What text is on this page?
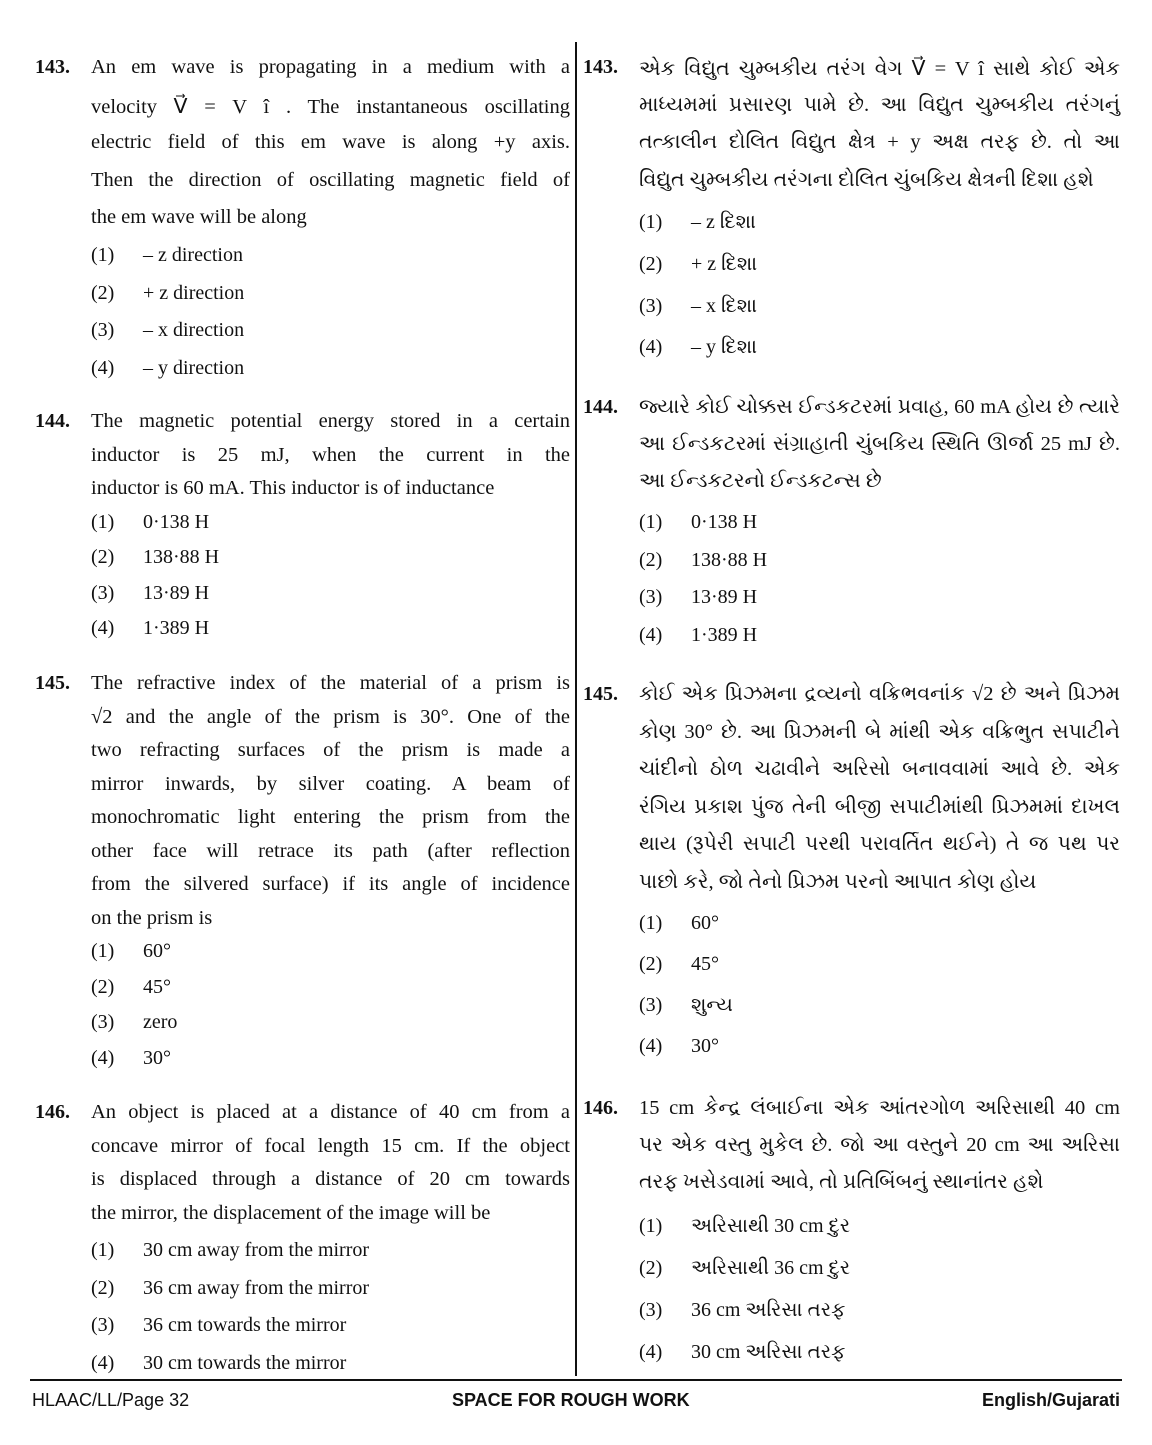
143. An em wave is propagating in a medium with a
velocity V⃗ = V î . The instantaneous oscillating
electric field of this em wave is along +y axis.
Then the direction of oscillating magnetic field of
the em wave will be along
(1) – z direction
(2) + z direction
(3) – x direction
(4) – y direction
144. The magnetic potential energy stored in a certain
inductor is 25 mJ, when the current in the
inductor is 60 mA. This inductor is of inductance
(1) 0·138 H
(2) 138·88 H
(3) 13·89 H
(4) 1·389 H
145. The refractive index of the material of a prism is
√2 and the angle of the prism is 30°. One of the
two refracting surfaces of the prism is made a
mirror inwards, by silver coating. A beam of
monochromatic light entering the prism from the
other face will retrace its path (after reflection
from the silvered surface) if its angle of incidence
on the prism is
(1) 60°
(2) 45°
(3) zero
(4) 30°
146. An object is placed at a distance of 40 cm from a
concave mirror of focal length 15 cm. If the object
is displaced through a distance of 20 cm towards
the mirror, the displacement of the image will be
(1) 30 cm away from the mirror
(2) 36 cm away from the mirror
(3) 36 cm towards the mirror
(4) 30 cm towards the mirror
143. એક વિદ્યુત ચુમ્બકીય તરંગ વેગ V⃗ = V î સાથે કોઈ એક
માધ્યમમાં પ્રસારણ પામે છે. આ વિદ્યુત ચુમ્બકીય તરંગનું
તત્કાલીન દોલિત વિદ્યુત ક્ષેત્ર + y અક્ષ તરફ છે. તો આ
વિદ્યુત ચુમ્બકીય તરંગના દોલિત ચુંબકિય ક્ષેત્રની દિશા હશે
(1) – z દિશા
(2) + z દિશા
(3) – x દિશા
(4) – y દિશા
144. જ્યારે કોઈ ચોક્કસ ઈન્ડકટરમાં પ્રવાહ, 60 mA હોય છે ત્યારે
આ ઈન્ડકટરમાં સંગ્રાહાતી ચુંબકિય સ્થિતિ ઊર્જા 25 mJ છે.
આ ઈન્ડકટરનો ઈન્ડકટન્સ છે
(1) 0·138 H
(2) 138·88 H
(3) 13·89 H
(4) 1·389 H
145. કોઈ એક પ્રિઝમના દ્રવ્યનો વક્રિભવનાંક √2 છે અને પ્રિઝમ
કોણ 30° છે. આ પ્રિઝમની બે માંથી એક વક્રિભુત સપાટીને
ચાંદીનો ઠોળ ચઢાવીને અરિસો બનાવવામાં આવે છે. એક
રંગિય પ્રકાશ પુંજ તેની બીજી સપાટીમાંથી પ્રિઝમમાં દાખલ
થાય (રૂપેરી સપાટી પરથી પરાવર્તિત થઈને) તે જ પથ પર
પાછો કરે, જો તેનો પ્રિઝમ પરનો આપાત કોણ હોય
(1) 60°
(2) 45°
(3) શુન્ય
(4) 30°
146. 15 cm કેન્દ્ર લંબાઈના એક આંતરગોળ અરિસાથી 40 cm
પર એક વસ્તુ મુકેલ છે. જો આ વસ્તુને 20 cm આ અરિસા
તરફ ખસેડવામાં આવે, તો પ્રતિબિંબનું સ્થાનાંતર હશે
(1) અરિસાથી 30 cm દુર
(2) અરિસાથી 36 cm દુર
(3) 36 cm અરિસા તરફ
(4) 30 cm અરિસા તરફ
HLAAC/LL/Page 32	SPACE FOR ROUGH WORK	English/Gujarati
